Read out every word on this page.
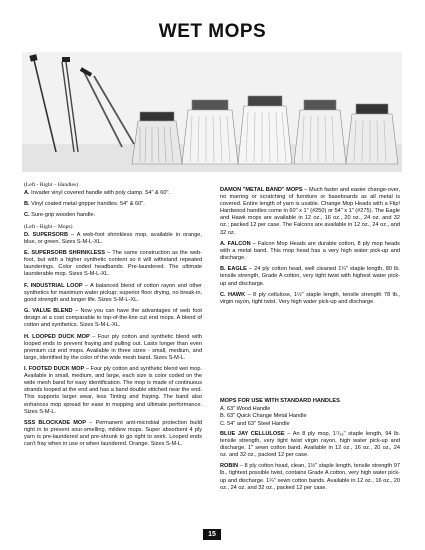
WET MOPS
(Left - Right – Handles)

A. Invader vinyl covered handle with poly clamp. 54" & 60".

B. Vinyl coated metal gripper handles. 54" & 60".

C. Sure-grip wooden handle.

(Left - Right – Mops)

D. SUPERSORB – A web-foot shrinkless mop, available in orange, blue, or green. Sizes S-M-L-XL.

E. SUPERSORB SHRINKLESS – The same construction as the web-foot, but with a higher synthetic content so it will withstand repeated launderings. Color coded headbands. Pre-laundered. The ultimate launderable mop. Sizes S-M-L-XL.

F. INDUSTRIAL LOOP – A balanced blend of cotton rayon and other synthetics for maximum water pickup; superior floor drying, no break-in, good strength and longer life. Sizes S-M-L-XL.

G. VALUE BLEND – Now you can have the advantages of web foot design at a cost comparable to top-of-the-line cut end mops. A blend of cotton and synthetics. Sizes S-M-L-XL.

H. LOOPED DUCK MOP – Four ply cotton and synthetic blend with looped ends to prevent fraying and pulling out. Lasts longer than even premium cut end mops. Available in three sizes - small, medium, and large, identified by the color of the wide mesh band. Sizes S-M-L.

I. FOOTED DUCK MOP – Four ply cotton and synthetic blend wet mop. Available in small, medium, and large, each size is color coded on the wide mesh band for easy identification. The mop is made of continuous strands looped at the end and has a band double stitched near the end. This supports larger wear, less Tinting and fraying. The band also enhances mop spread for ease in mopping and ultimate performance. Sizes S-M-L.

SSS BLOCKADE MOP – Permanent anti-microbial protection build right in to prevent sour-smelling, mildew mops. Super absorbent 4 ply yarn is pre-laundered and pre-shrunk to go right to work. Looped ends can't fray when in use or when laundered. Orange. Sizes S-M-L.

DAMON "METAL BAND" MOPS – Much faster and easier change-over, no marring or scratching of furniture or baseboards as all metal is covered. Entire length of yarn is usable. Change Mop Heads with a Flip! Hardwood handles come in 60" x 1" (#250) or 54" x 1" (#275). The Eagle and Hawk mops are available in 12 oz., 16 oz., 20 oz., 24 oz. and 32 oz.; packed 12 per case. The Falcons are available in 12 oz., 24 oz., and 32 oz.

A. FALCON – Falcon Mop Heads are durable cotton, 8 ply mop heads with a metal band. This mop head has a very high water pick-up and discharge.

B. EAGLE – 24 ply cotton head, well cleaned 1¼" staple length, 80 lb. tensile strength, Grade A cotton, very tight twist with highest water pick-up and discharge.

C. HAWK – 8 ply cellulose, 1½" staple length, tensile strength 78 lb., virgin rayon, tight twist. Very high water pick-up and discharge.

MOPS FOR USE WITH STANDARD HANDLES
A. 63" Wood Handle
B. 63" Quick Change Metal Handle
C. 54" and 63" Steel Handle

BLUE JAY CELLULOSE – An 8 ply mop, 1⁷/₁₆" staple length, 94 lb. tensile strength, very tight twist virgin rayon, high water pick-up and discharge. 1" sewn cotton band. Available in 12 oz., 16 oz., 20 oz., 24 oz. and 32 oz., packed 12 per case.

ROBIN – 8 ply cotton head, clean, 1½" staple length, tensile strength 97 lb., tightest possible twist, contains Grade A cotton, very high water pick-up and discharge. 1¼" sewn cotton bands. Available in 12 oz., 16 oz., 20 oz., 24 oz. and 32 oz., packed 12 per case.

15
